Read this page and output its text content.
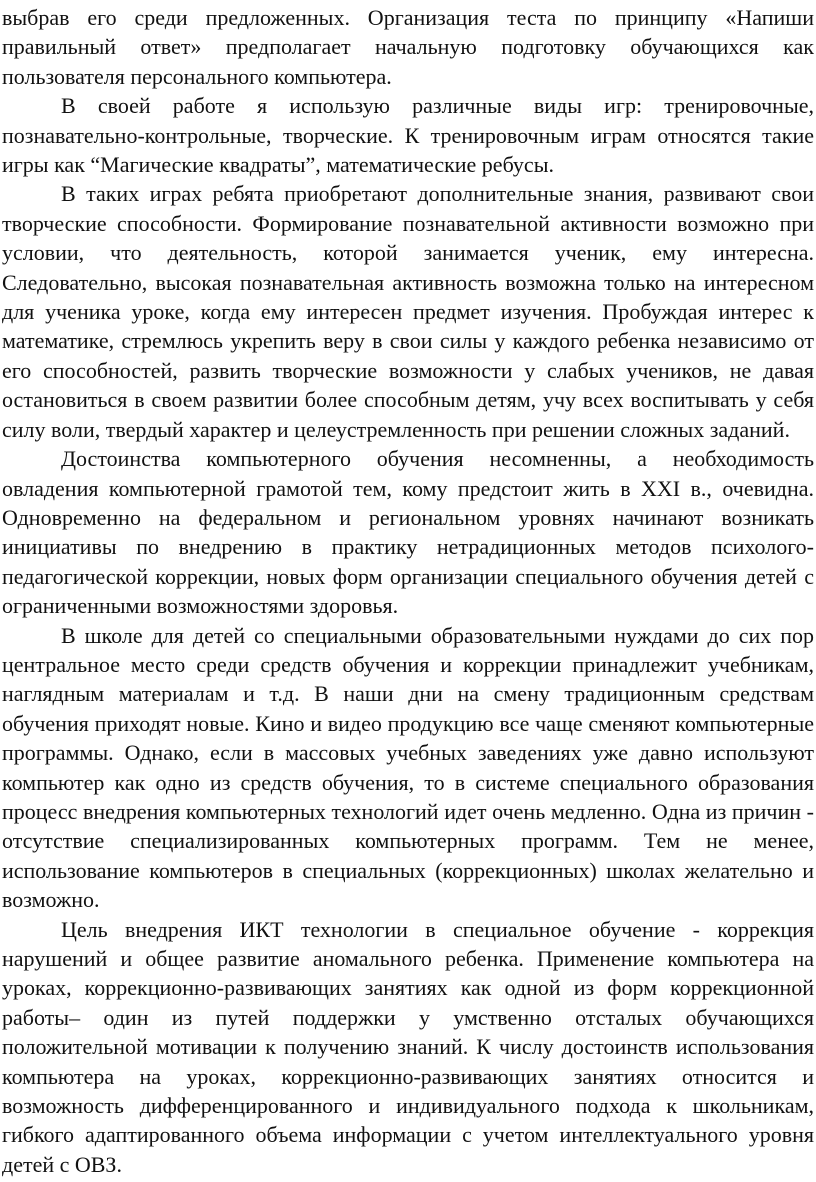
выбрав его среди предложенных. Организация теста по принципу «Напиши правильный ответ» предполагает начальную подготовку обучающихся как пользователя персонального компьютера.

В своей работе я использую различные виды игр: тренировочные, познавательно-контрольные, творческие. К тренировочным играм относятся такие игры как “Магические квадраты”, математические ребусы.

В таких играх ребята приобретают дополнительные знания, развивают свои творческие способности. Формирование познавательной активности возможно при условии, что деятельность, которой занимается ученик, ему интересна. Следовательно, высокая познавательная активность возможна только на интересном для ученика уроке, когда ему интересен предмет изучения. Пробуждая интерес к математике, стремлюсь укрепить веру в свои силы у каждого ребенка независимо от его способностей, развить творческие возможности у слабых учеников, не давая остановиться в своем развитии более способным детям, учу всех воспитывать у себя силу воли, твердый характер и целеустремленность при решении сложных заданий.

Достоинства компьютерного обучения несомненны, а необходимость овладения компьютерной грамотой тем, кому предстоит жить в XXI в., очевидна. Одновременно на федеральном и региональном уровнях начинают возникать инициативы по внедрению в практику нетрадиционных методов психолого-педагогической коррекции, новых форм организации специального обучения детей с ограниченными возможностями здоровья.

В школе для детей со специальными образовательными нуждами до сих пор центральное место среди средств обучения и коррекции принадлежит учебникам, наглядным материалам и т.д. В наши дни на смену традиционным средствам обучения приходят новые. Кино и видео продукцию все чаще сменяют компьютерные программы. Однако, если в массовых учебных заведениях уже давно используют компьютер как одно из средств обучения, то в системе специального образования процесс внедрения компьютерных технологий идет очень медленно. Одна из причин - отсутствие специализированных компьютерных программ. Тем не менее, использование компьютеров в специальных (коррекционных) школах желательно и возможно.

Цель внедрения ИКТ технологии в специальное обучение - коррекция нарушений и общее развитие аномального ребенка. Применение компьютера на уроках, коррекционно-развивающих занятиях как одной из форм коррекционной работы– один из путей поддержки у умственно отсталых обучающихся положительной мотивации к получению знаний. К числу достоинств использования компьютера на уроках, коррекционно-развивающих занятиях относится и возможность дифференцированного и индивидуального подхода к школьникам, гибкого адаптированного объема информации с учетом интеллектуального уровня детей с ОВЗ.
